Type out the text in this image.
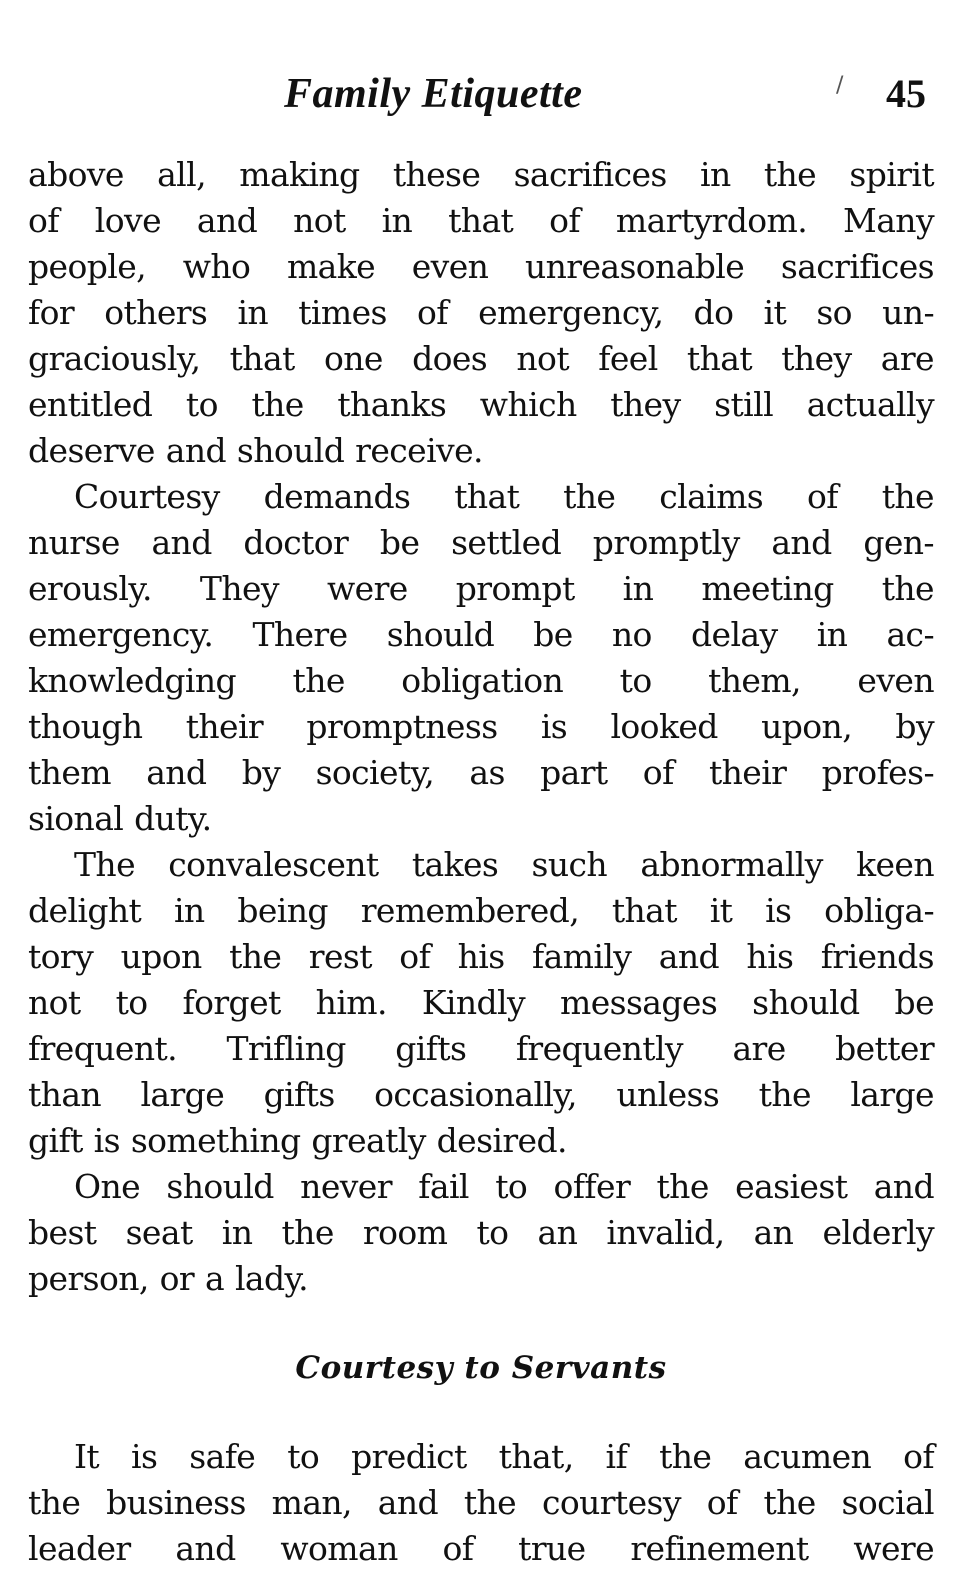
Family Etiquette	/ 45

above all, making these sacrifices in the spirit
of love and not in that of martyrdom. Many
people, who make even unreasonable sacrifices
for others in times of emergency, do it so un-
graciously, that one does not feel that they are
entitled to the thanks which they still actually
deserve and should receive.

Courtesy demands that the claims of the
nurse and doctor be settled promptly and gen-
erously. They were prompt in meeting the
emergency. There should be no delay in ac-
knowledging the obligation to them, even
though their promptness is looked upon, by
them and by society, as part of their profes-
sional duty.

The convalescent takes such abnormally keen
delight in being remembered, that it is obliga-
tory upon the rest of his family and his friends
not to forget him. Kindly messages should be
frequent. Trifling gifts frequently are better
than large gifts occasionally, unless the large
gift is something greatly desired.

One should never fail to offer the easiest and
best seat in the room to an invalid, an elderly
person, or a lady.

Courtesy to Servants

It is safe to predict that, if the acumen of
the business man, and the courtesy of the social
leader and woman of true refinement were
